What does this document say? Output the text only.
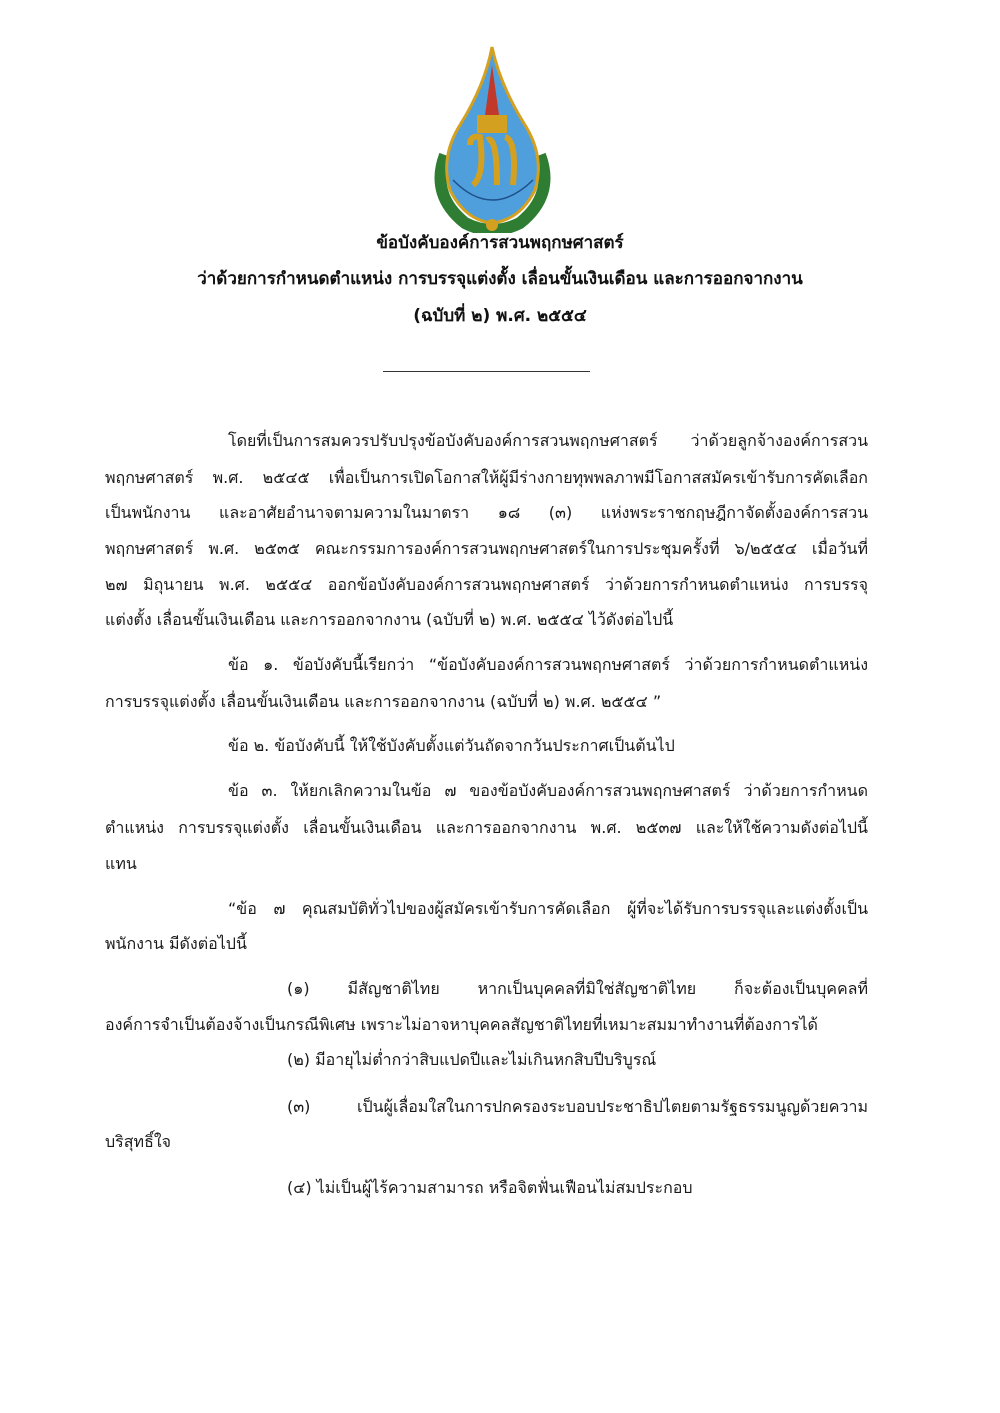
ข้อบังคับองค์การสวนพฤกษศาสตร์
ว่าด้วยการกำหนดตำแหน่ง การบรรจุแต่งตั้ง เลื่อนขั้นเงินเดือน และการออกจากงาน
(ฉบับที่ ๒) พ.ศ. ๒๕๕๔
โดยที่เป็นการสมควรปรับปรุงข้อบังคับองค์การสวนพฤกษศาสตร์ ว่าด้วยลูกจ้างองค์การสวน
พฤกษศาสตร์ พ.ศ. ๒๕๔๕ เพื่อเป็นการเปิดโอกาสให้ผู้มีร่างกายทุพพลภาพมีโอกาสสมัครเข้ารับการคัดเลือก
เป็นพนักงาน และอาศัยอำนาจตามความในมาตรา ๑๘ (๓) แห่งพระราชกฤษฎีกาจัดตั้งองค์การสวน
พฤกษศาสตร์ พ.ศ. ๒๕๓๕ คณะกรรมการองค์การสวนพฤกษศาสตร์ในการประชุมครั้งที่ ๖/๒๕๕๔ เมื่อวันที่
๒๗ มิถุนายน พ.ศ. ๒๕๕๔ ออกข้อบังคับองค์การสวนพฤกษศาสตร์ ว่าด้วยการกำหนดตำแหน่ง การบรรจุ
แต่งตั้ง เลื่อนขั้นเงินเดือน และการออกจากงาน (ฉบับที่ ๒) พ.ศ. ๒๕๕๔ ไว้ดังต่อไปนี้
ข้อ ๑. ข้อบังคับนี้เรียกว่า “ข้อบังคับองค์การสวนพฤกษศาสตร์ ว่าด้วยการกำหนดตำแหน่ง
การบรรจุแต่งตั้ง เลื่อนขั้นเงินเดือน และการออกจากงาน (ฉบับที่ ๒) พ.ศ. ๒๕๕๔ ”
ข้อ ๒. ข้อบังคับนี้ ให้ใช้บังคับตั้งแต่วันถัดจากวันประกาศเป็นต้นไป
ข้อ ๓. ให้ยกเลิกความในข้อ ๗ ของข้อบังคับองค์การสวนพฤกษศาสตร์ ว่าด้วยการกำหนด
ตำแหน่ง การบรรจุแต่งตั้ง เลื่อนขั้นเงินเดือน และการออกจากงาน พ.ศ. ๒๕๓๗ และให้ใช้ความดังต่อไปนี้
แทน
“ข้อ ๗ คุณสมบัติทั่วไปของผู้สมัครเข้ารับการคัดเลือก ผู้ที่จะได้รับการบรรจุและแต่งตั้งเป็น
พนักงาน มีดังต่อไปนี้
(๑) มีสัญชาติไทย หากเป็นบุคคลที่มิใช่สัญชาติไทย ก็จะต้องเป็นบุคคลที่
องค์การจำเป็นต้องจ้างเป็นกรณีพิเศษ เพราะไม่อาจหาบุคคลสัญชาติไทยที่เหมาะสมมาทำงานที่ต้องการได้
(๒) มีอายุไม่ต่ำกว่าสิบแปดปีและไม่เกินหกสิบปีบริบูรณ์
(๓) เป็นผู้เลื่อมใสในการปกครองระบอบประชาธิปไตยตามรัฐธรรมนูญด้วยความ
บริสุทธิ์ใจ
(๔) ไม่เป็นผู้ไร้ความสามารถ หรือจิตฟั่นเฟือนไม่สมประกอบ
